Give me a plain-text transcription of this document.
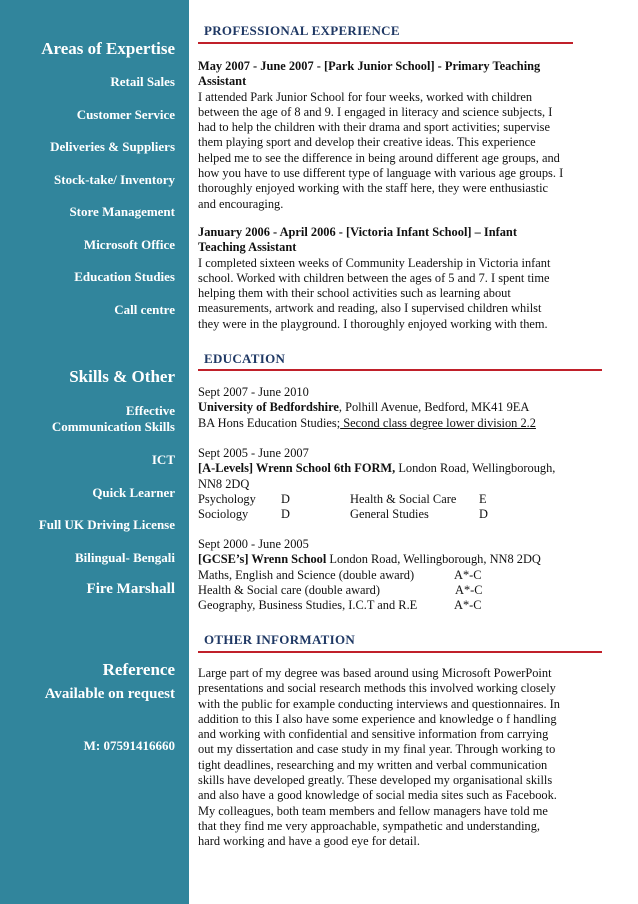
Areas of Expertise
Retail Sales
Customer Service
Deliveries & Suppliers
Stock-take/ Inventory
Store Management
Microsoft Office
Education Studies
Call centre
Skills & Other
Effective
Communication Skills
ICT
Quick Learner
Full UK Driving License
Bilingual- Bengali
Fire Marshall
Reference
Available on request
M: 07591416660
PROFESSIONAL EXPERIENCE
May 2007 - June 2007 - [Park Junior School] - Primary Teaching
Assistant
I attended Park Junior School for four weeks, worked with children
between the age of 8 and 9. I engaged in literacy and science subjects, I
had to help the children with their drama and sport activities; supervise
them playing sport and develop their creative ideas. This experience
helped me to see the difference in being around different age groups, and
how you have to use different type of language with various age groups. I
thoroughly enjoyed working with the staff here, they were enthusiastic
and encouraging.
January 2006 - April 2006 - [Victoria Infant School] – Infant
Teaching Assistant
I completed sixteen weeks of Community Leadership in Victoria infant
school. Worked with children between the ages of 5 and 7. I spent time
helping them with their school activities such as learning about
measurements, artwork and reading, also I supervised children whilst
they were in the playground. I thoroughly enjoyed working with them.
EDUCATION
Sept 2007 - June 2010
University of Bedfordshire, Polhill Avenue, Bedford, MK41 9EA
BA Hons Education Studies; Second class degree lower division 2.2
Sept 2005 - June 2007
[A-Levels] Wrenn School 6th FORM, London Road, Wellingborough,
NN8 2DQ
Psychology	D	Health & Social Care	E
Sociology	D	General Studies	D
Sept 2000 - June 2005
[GCSE’s] Wrenn School London Road, Wellingborough, NN8 2DQ
Maths, English and Science (double award)	A*-C
Health & Social care (double award)	A*-C
Geography, Business Studies, I.C.T and R.E	A*-C
OTHER INFORMATION
Large part of my degree was based around using Microsoft PowerPoint
presentations and social research methods this involved working closely
with the public for example conducting interviews and questionnaires. In
addition to this I also have some experience and knowledge o f handling
and working with confidential and sensitive information from carrying
out my dissertation and case study in my final year. Through working to
tight deadlines, researching and my written and verbal communication
skills have developed greatly. These developed my organisational skills
and also have a good knowledge of social media sites such as Facebook.
My colleagues, both team members and fellow managers have told me
that they find me very approachable, sympathetic and understanding,
hard working and have a good eye for detail.
